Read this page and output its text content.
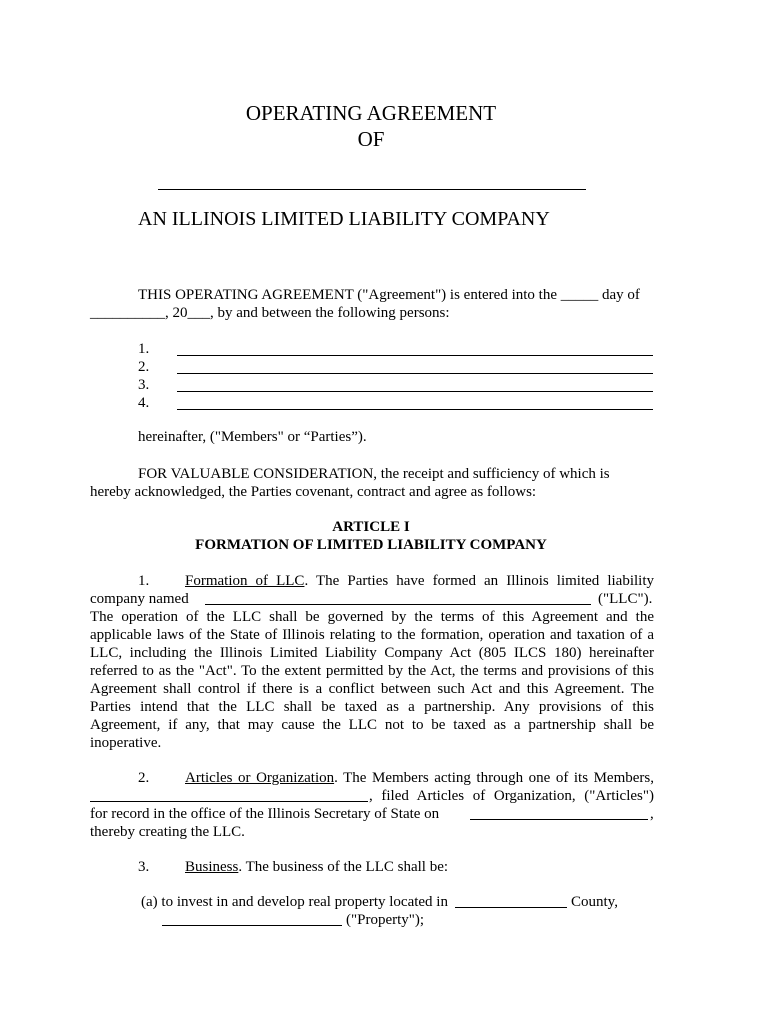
OPERATING AGREEMENT
OF
AN ILLINOIS LIMITED LIABILITY COMPANY
THIS OPERATING AGREEMENT ("Agreement") is entered into the _____ day of
__________, 20___, by and between the following persons:
1.
2.
3.
4.
hereinafter, ("Members" or “Parties”).
FOR VALUABLE CONSIDERATION, the receipt and sufficiency of which is
hereby acknowledged, the Parties covenant, contract and agree as follows:
ARTICLE I
FORMATION OF LIMITED LIABILITY COMPANY
1. Formation of LLC. The Parties have formed an Illinois limited liability
company named	("LLC").
The operation of the LLC shall be governed by the terms of this Agreement and the
applicable laws of the State of Illinois relating to the formation, operation and taxation of a
LLC, including the Illinois Limited Liability Company Act (805 ILCS 180) hereinafter
referred to as the "Act". To the extent permitted by the Act, the terms and provisions of this
Agreement shall control if there is a conflict between such Act and this Agreement. The
Parties intend that the LLC shall be taxed as a partnership. Any provisions of this
Agreement, if any, that may cause the LLC not to be taxed as a partnership shall be
inoperative.
2. Articles or Organization. The Members acting through one of its Members,
, filed Articles of Organization, ("Articles")
for record in the office of the Illinois Secretary of State on	,
thereby creating the LLC.
3. Business. The business of the LLC shall be:
(a) to invest in and develop real property located in	County,
("Property");
